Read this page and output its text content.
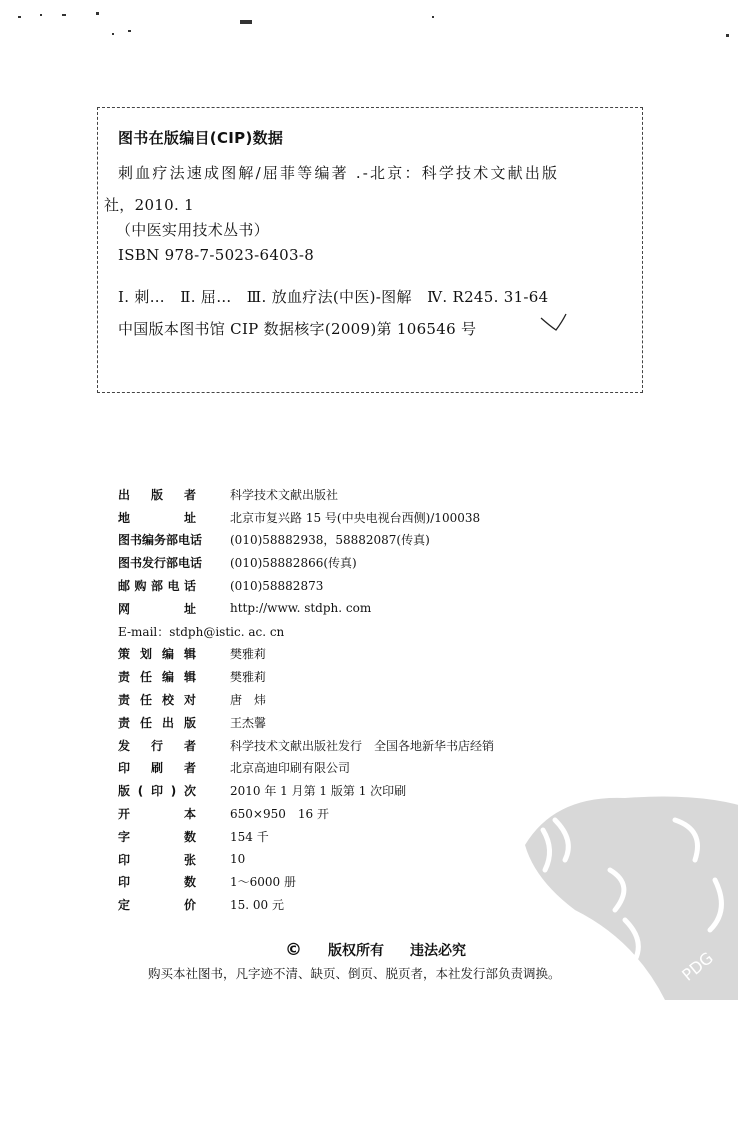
图书在版编目(CIP)数据
刺血疗法速成图解/屈菲等编著 .-北京：科学技术文献出版
社，2010. 1
（中医实用技术丛书）
ISBN 978-7-5023-6403-8
Ⅰ. 刺…　Ⅱ. 屈…　Ⅲ. 放血疗法(中医)-图解　Ⅳ. R245. 31-64
中国版本图书馆 CIP 数据核字(2009)第 106546 号
PDG
出版者	科学技术文献出版社
地址	北京市复兴路 15 号(中央电视台西侧)/100038
图书编务部电话 (010)58882938，58882087(传真)
图书发行部电话 (010)58882866(传真)
邮购部电话	(010)58882873
网址	http://www. stdph. com
E-mail：stdph@istic. ac. cn
策划编辑	樊雅莉
责任编辑	樊雅莉
责任校对	唐　炜
责任出版	王杰馨
发行者	科学技术文献出版社发行　全国各地新华书店经销
印刷者	北京高迪印刷有限公司
版(印)次	2010 年 1 月第 1 版第 1 次印刷
开本	650×950　16 开
字数	154 千
印张	10
印数	1～6000 册
定价	15. 00 元
© 版权所有 违法必究
购买本社图书，凡字迹不清、缺页、倒页、脱页者，本社发行部负责调换。
